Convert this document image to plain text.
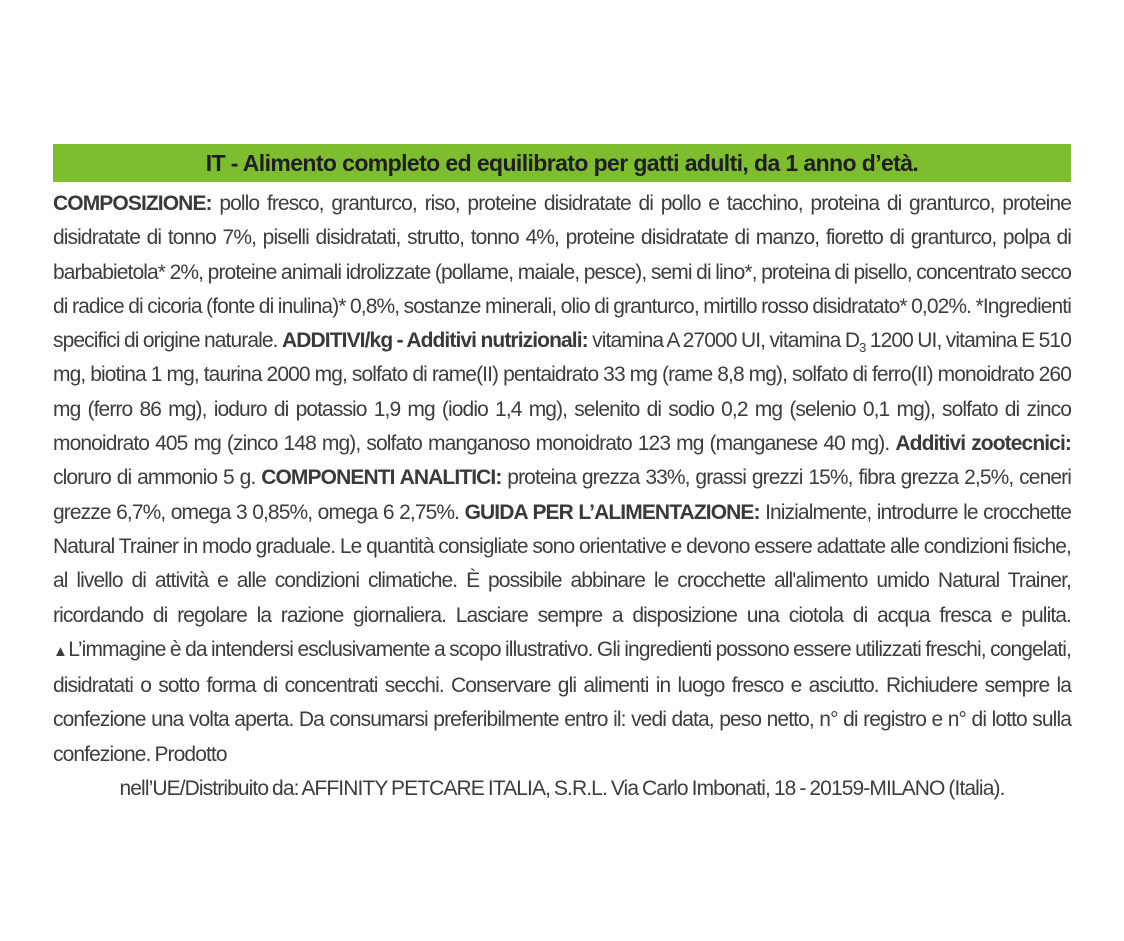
IT - Alimento completo ed equilibrato per gatti adulti, da 1 anno d’età.
COMPOSIZIONE: pollo fresco, granturco, riso, proteine disidratate di pollo e tacchino, proteina di granturco, proteine disidratate di tonno 7%, piselli disidratati, strutto, tonno 4%, proteine disidratate di manzo, fioretto di granturco, polpa di barbabietola* 2%, proteine animali idrolizzate (pollame, maiale, pesce), semi di lino*, proteina di pisello, concentrato secco di radice di cicoria (fonte di inulina)* 0,8%, sostanze minerali, olio di granturco, mirtillo rosso disidratato* 0,02%. *Ingredienti specifici di origine naturale. ADDITIVI/kg - Additivi nutrizionali: vitamina A 27000 UI, vitamina $D_3$ 1200 UI, vitamina E 510 mg, biotina 1 mg, taurina 2000 mg, solfato di rame(II) pentaidrato 33 mg (rame 8,8 mg), solfato di ferro(II) monoidrato 260 mg (ferro 86 mg), ioduro di potassio 1,9 mg (iodio 1,4 mg), selenito di sodio 0,2 mg (selenio 0,1 mg), solfato di zinco monoidrato 405 mg (zinco 148 mg), solfato manganoso monoidrato 123 mg (manganese 40 mg). Additivi zootecnici: cloruro di ammonio 5 g. COMPONENTI ANALITICI: proteina grezza 33%, grassi grezzi 15%, fibra grezza 2,5%, ceneri grezze 6,7%, omega 3 0,85%, omega 6 2,75%. GUIDA PER L’ALIMENTAZIONE: Inizialmente, introdurre le crocchette Natural Trainer in modo graduale. Le quantità consigliate sono orientative e devono essere adattate alle condizioni fisiche, al livello di attività e alle condizioni climatiche. È possibile abbinare le crocchette all'alimento umido Natural Trainer, ricordando di regolare la razione giornaliera. Lasciare sempre a disposizione una ciotola di acqua fresca e pulita. ▲L’immagine è da intendersi esclusivamente a scopo illustrativo. Gli ingredienti possono essere utilizzati freschi, congelati, disidratati o sotto forma di concentrati secchi. Conservare gli alimenti in luogo fresco e asciutto. Richiudere sempre la confezione una volta aperta. Da consumarsi preferibilmente entro il: vedi data, peso netto, n° di registro e n° di lotto sulla confezione. Prodotto
nell’UE/Distribuito da: AFFINITY PETCARE ITALIA, S.R.L. Via Carlo Imbonati, 18 - 20159-MILANO (Italia).
